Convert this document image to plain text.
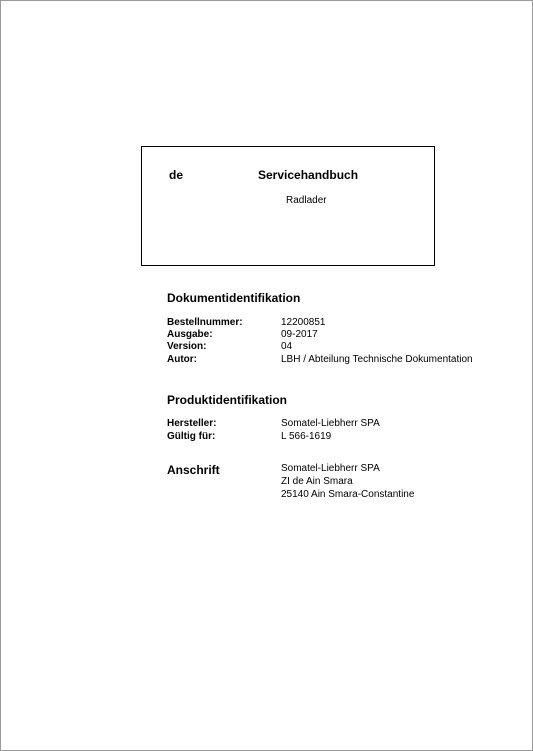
de	Servicehandbuch
Radlader
Dokumentidentifikation
Bestellnummer:	12200851
Ausgabe:	09-2017
Version:	04
Autor:	LBH / Abteilung Technische Dokumentation
Produktidentifikation
Hersteller:	Somatel-Liebherr SPA
Gültig für:	L 566-1619
Anschrift	Somatel-Liebherr SPA
ZI de Ain Smara
25140 Ain Smara-Constantine
